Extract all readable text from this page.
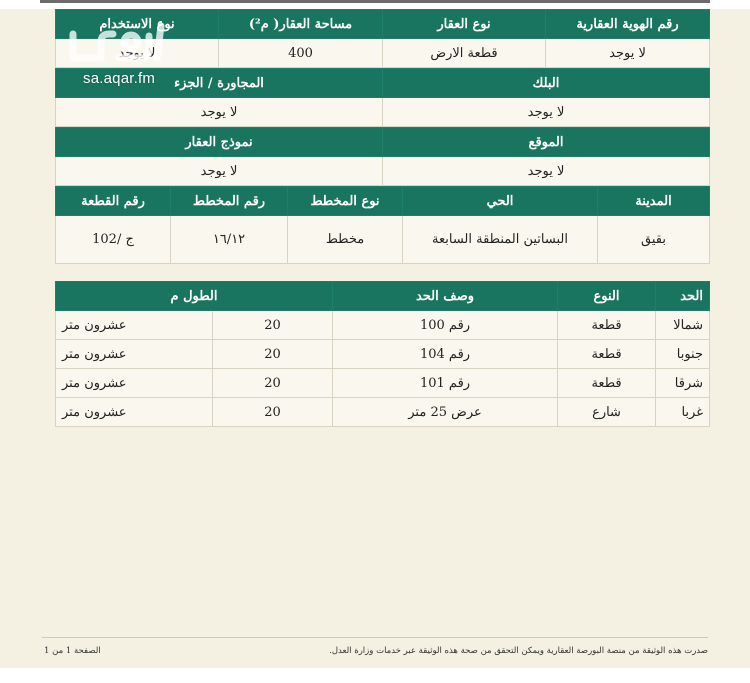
رقم الهوية العقارية	نوع العقار	مساحة العقار( م²)	نوع الاستخدام
لا يوجد	قطعة الارض	400	لا يوجد
البلك	المجاورة / الجزء
لا يوجد	لا يوجد
الموقع	نموذج العقار
لا يوجد	لا يوجد
المدينة	الحي	نوع المخطط	رقم المخطط	رقم القطعة
بقيق	البساتين المنطقة السابعة	مخطط	١٦/١٢	ج /102
الحد	النوع	وصف الحد	الطول م	
شمالا	قطعة	رقم 100	20	عشرون متر
جنوبا	قطعة	رقم 104	20	عشرون متر
شرقا	قطعة	رقم 101	20	عشرون متر
غربا	شارع	عرض 25 متر	20	عشرون متر
sa.aqar.fm
صدرت هذه الوثيقة من منصة البورصة العقارية ويمكن التحقق من صحة هذه الوثيقة عبر خدمات وزارة العدل.
الصفحة 1 من 1
